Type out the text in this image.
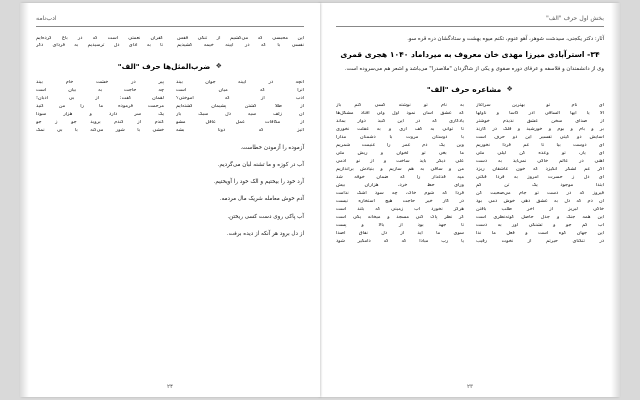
بخش اول حرف "الف"

آثار: دکتر یکجنی، سیدشت شوهر، آهو عنوم، تکنم میوه بهشت و ستادگشان دره قره سو.

۳۴- استرآبادی میرزا مهدی خان معروف به میرداماد ۱۰۴۰ هجری قمری

وی از دانشمندان و فلاسفه و عرفای دوره صفوی و یکی از شاگردان "ملاصدرا" می‌باشد و اشعر هم می‌سروده است.

❖
مشاعره حرف "الف"
ای نام تو بهترین سرآغاز
الا یا ایها الساقی ادر کأسا و ناولها
از صدای سخن عشق ندیدم خوشتر
بر و بام و بوم و خورشید و فلک در کارند
آسایش دو گیتی تفسیر این دو حرف است
ای دوست بیا تا غم فردا نخوریم
ای یار، تو وعده کن لیلی ملی
آهنی در عالم خاکی نمی‌آید به دست
اگر غم لشکر انگیزد که خون عاشقان ریزد
ای دل ز حسرت امروز به فردا فکنی
ابتدا موجود یک تن کم
فیروز که در دست تو جام می‌صحبت کن
آن دم که دل به عشق دهی خوش دمی بود
خاکی لبریز از آخر طلب بافتن
این همه جنگ و جدل حاصل کوته‌نظری است
آب کم جو و تشنگی آور به دست
این جهان کوه است و فعل ما ندا
در تنگنای حیرتم از نخوت رقیب
به نام تو نوشته کسی کتم باز
که عشق آسان نمود اول ولی افتاد مشکل‌ها
یادگاری که در این گنبد دوار بماند
تا توانی به کف آری و به غفلت نخوری
با دوستان مروت با دشمنان مدارا
وین یک دم عمر را غنیمت شمریم
ما بغی تو لخوان و ریش ملی
علی دیگر باید ساخت و از نو آدمی
من و ساقی به هم سازیم و بنیادش براندازیم
مپه قدغدار را که ضمان خوفه شد
ورای حظ خرد، هزاران بیش
فردا که شوم خاک، چه سود اشک ندامت
در کار خیر حاجت هیچ استخاره نیست
هرگز نخورد آب زمینی که بلند است
گر نظر پاک کنی مسجد و میخانه یکی است
تا جهد بود از بالا و پست
سوی ما آید از دل نفاق اصدا
یا رب مبادا که که دامگیر شود
۲۳
ادب‌نامه
این محبسی که می‌کشیم از تنگی قفس
کفران نعمتی است که در باغ کرده‌ایم
نفسی با که در آیینه خیمه کشیدیم
تا به ادای دل ترسیدیم به فردای دگر
❖
ضرب‌المثل‌ها حرف "الف"
آنچه در آیینه جوان بیند
آنرا که میان است
ادب از که آموختی؟
از طلا گشتن پشیمان گشته‌ایم
آن زلف سیه دل سبک بار
از مکافات عمل غافل مشو
آتیز که دونا بشه
پیر در خشت خام بیند
چه حاجت به بیان است
لقمان گفت: از بی ادبان!
مرحمت فرموده ما را من کنید
یک سر دارد و هزار سودا
گندم از گندم بروید جو ز جو
خشی با شور می‌کنه با بی نمک
آزموده را آزمودن خطاست.
آب در کوزه و ما تشنه لبان می‌گردیم.
آرد خود را بیختیم و الک خود را آویختیم.
آدم خوش معامله شریک مال مردمه.
آب پاکی روی دست کسی ریختن.
از دل برود هر آنکه از دیده برفت.
۲۴
